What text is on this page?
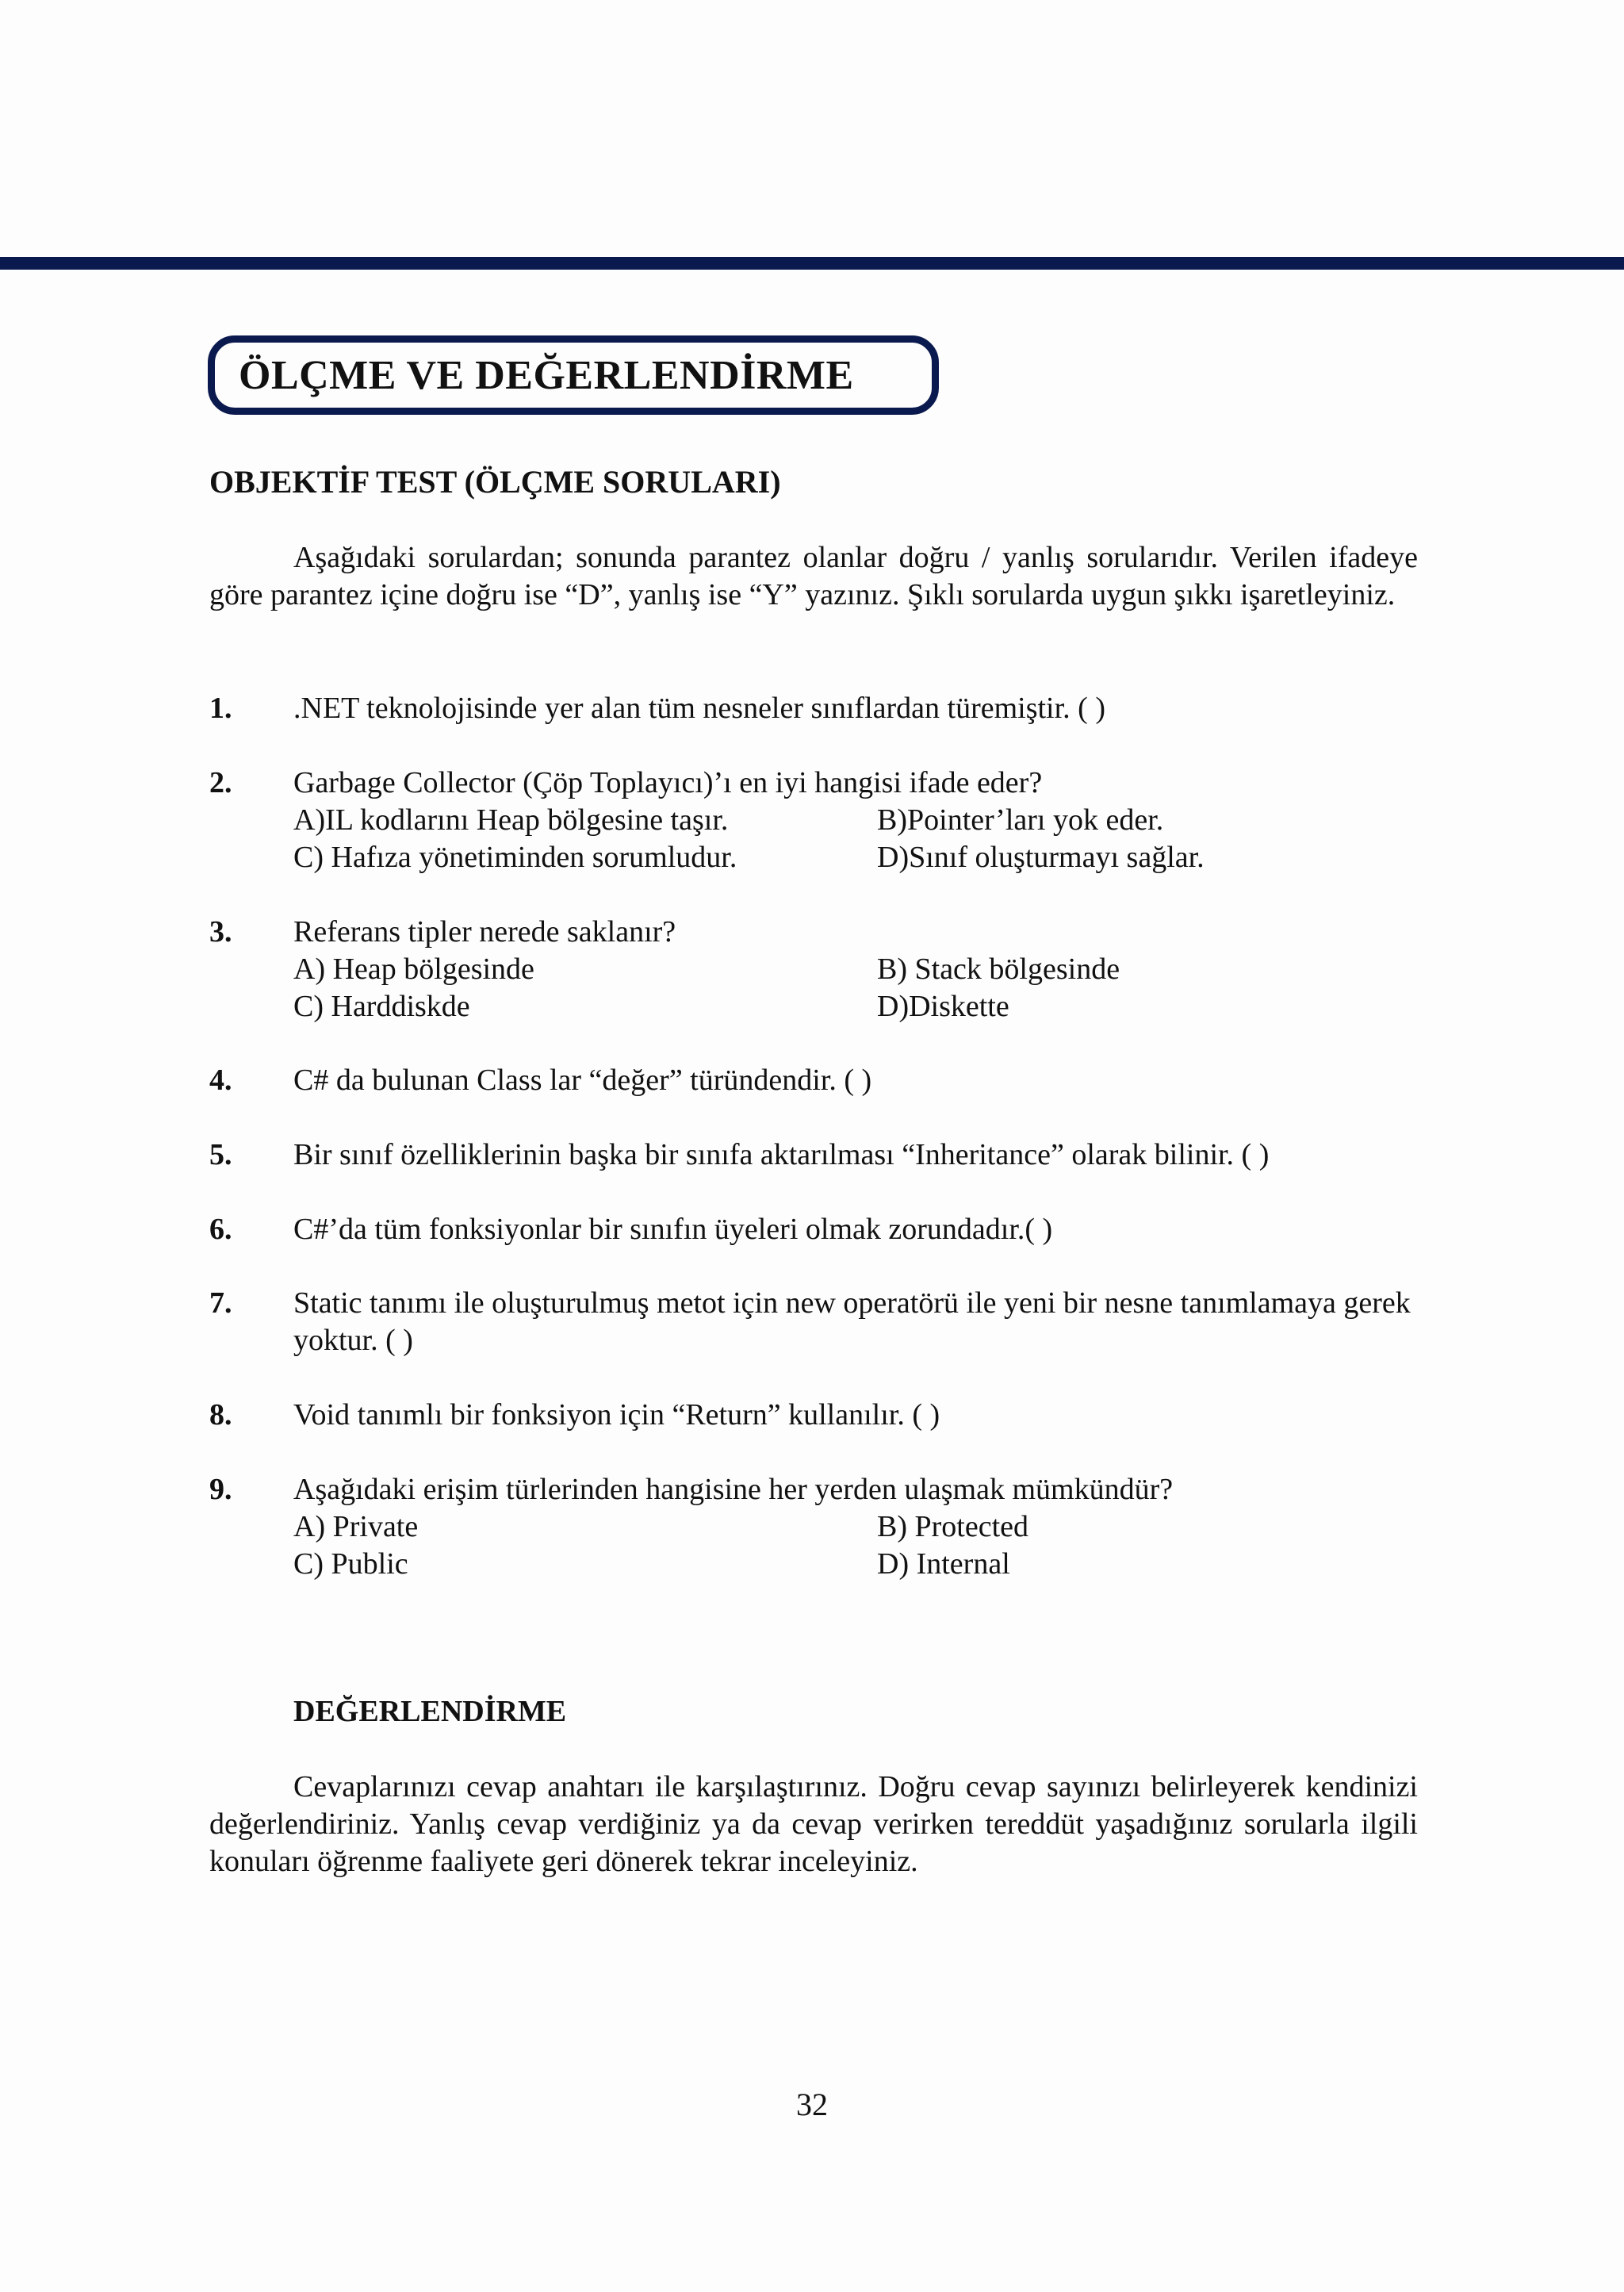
ÖLÇME VE DEĞERLENDİRME
OBJEKTİF TEST (ÖLÇME SORULARI)
Aşağıdaki sorulardan; sonunda parantez olanlar doğru / yanlış sorularıdır. Verilen ifadeye göre parantez içine doğru ise “D”, yanlış ise “Y” yazınız. Şıklı sorularda uygun şıkkı işaretleyiniz.
1. .NET teknolojisinde yer alan tüm nesneler sınıflardan türemiştir. ( )
2. Garbage Collector (Çöp Toplayıcı)’ı en iyi hangisi ifade eder?
A)IL kodlarını Heap bölgesine taşır.	B)Pointer’ları yok eder.
C) Hafıza yönetiminden sorumludur.	D)Sınıf oluşturmayı sağlar.
3. Referans tipler nerede saklanır?
A) Heap bölgesinde	B) Stack bölgesinde
C) Harddiskde	D)Diskette
4. C# da bulunan Class lar “değer” türündendir. ( )
5. Bir sınıf özelliklerinin başka bir sınıfa aktarılması “Inheritance” olarak bilinir. ( )
6. C#’da tüm fonksiyonlar bir sınıfın üyeleri olmak zorundadır.( )
7. Static tanımı ile oluşturulmuş metot için new operatörü ile yeni bir nesne tanımlamaya gerek yoktur. ( )
8. Void tanımlı bir fonksiyon için “Return” kullanılır. ( )
9. Aşağıdaki erişim türlerinden hangisine her yerden ulaşmak mümkündür?
A) Private	B) Protected
C) Public	D) Internal
DEĞERLENDİRME
Cevaplarınızı cevap anahtarı ile karşılaştırınız. Doğru cevap sayınızı belirleyerek kendinizi değerlendiriniz. Yanlış cevap verdiğiniz ya da cevap verirken tereddüt yaşadığınız sorularla ilgili konuları öğrenme faaliyete geri dönerek tekrar inceleyiniz.
32
